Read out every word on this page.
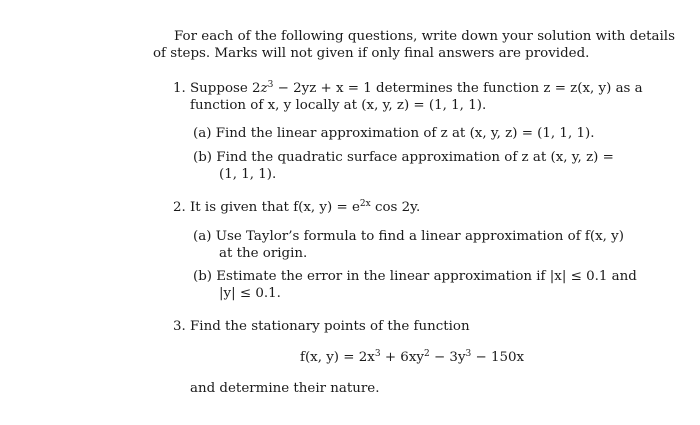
For each of the following questions, write down your solution with details
of steps. Marks will not given if only final answers are provided.
1. Suppose $2z^3 - 2yz + x = 1$ determines the function z = z(x, y) as a
function of x, y locally at (x, y, z) = (1, 1, 1).
(a) Find the linear approximation of z at (x, y, z) = (1, 1, 1).
(b) Find the quadratic surface approximation of z at (x, y, z) =
(1, 1, 1).
2. It is given that f(x, $y) = e^{2x}$ cos 2y.
(a) Use Taylor’s formula to find a linear approximation of f(x, y)
at the origin.
(b) Estimate the error in the linear approximation if |x| ≤ 0.1 and
|y| ≤ 0.1.
3. Find the stationary points of the function
f(x, $y) = 2x^3 + 6xy^2 - 3y^3 - 150x$
and determine their nature.
